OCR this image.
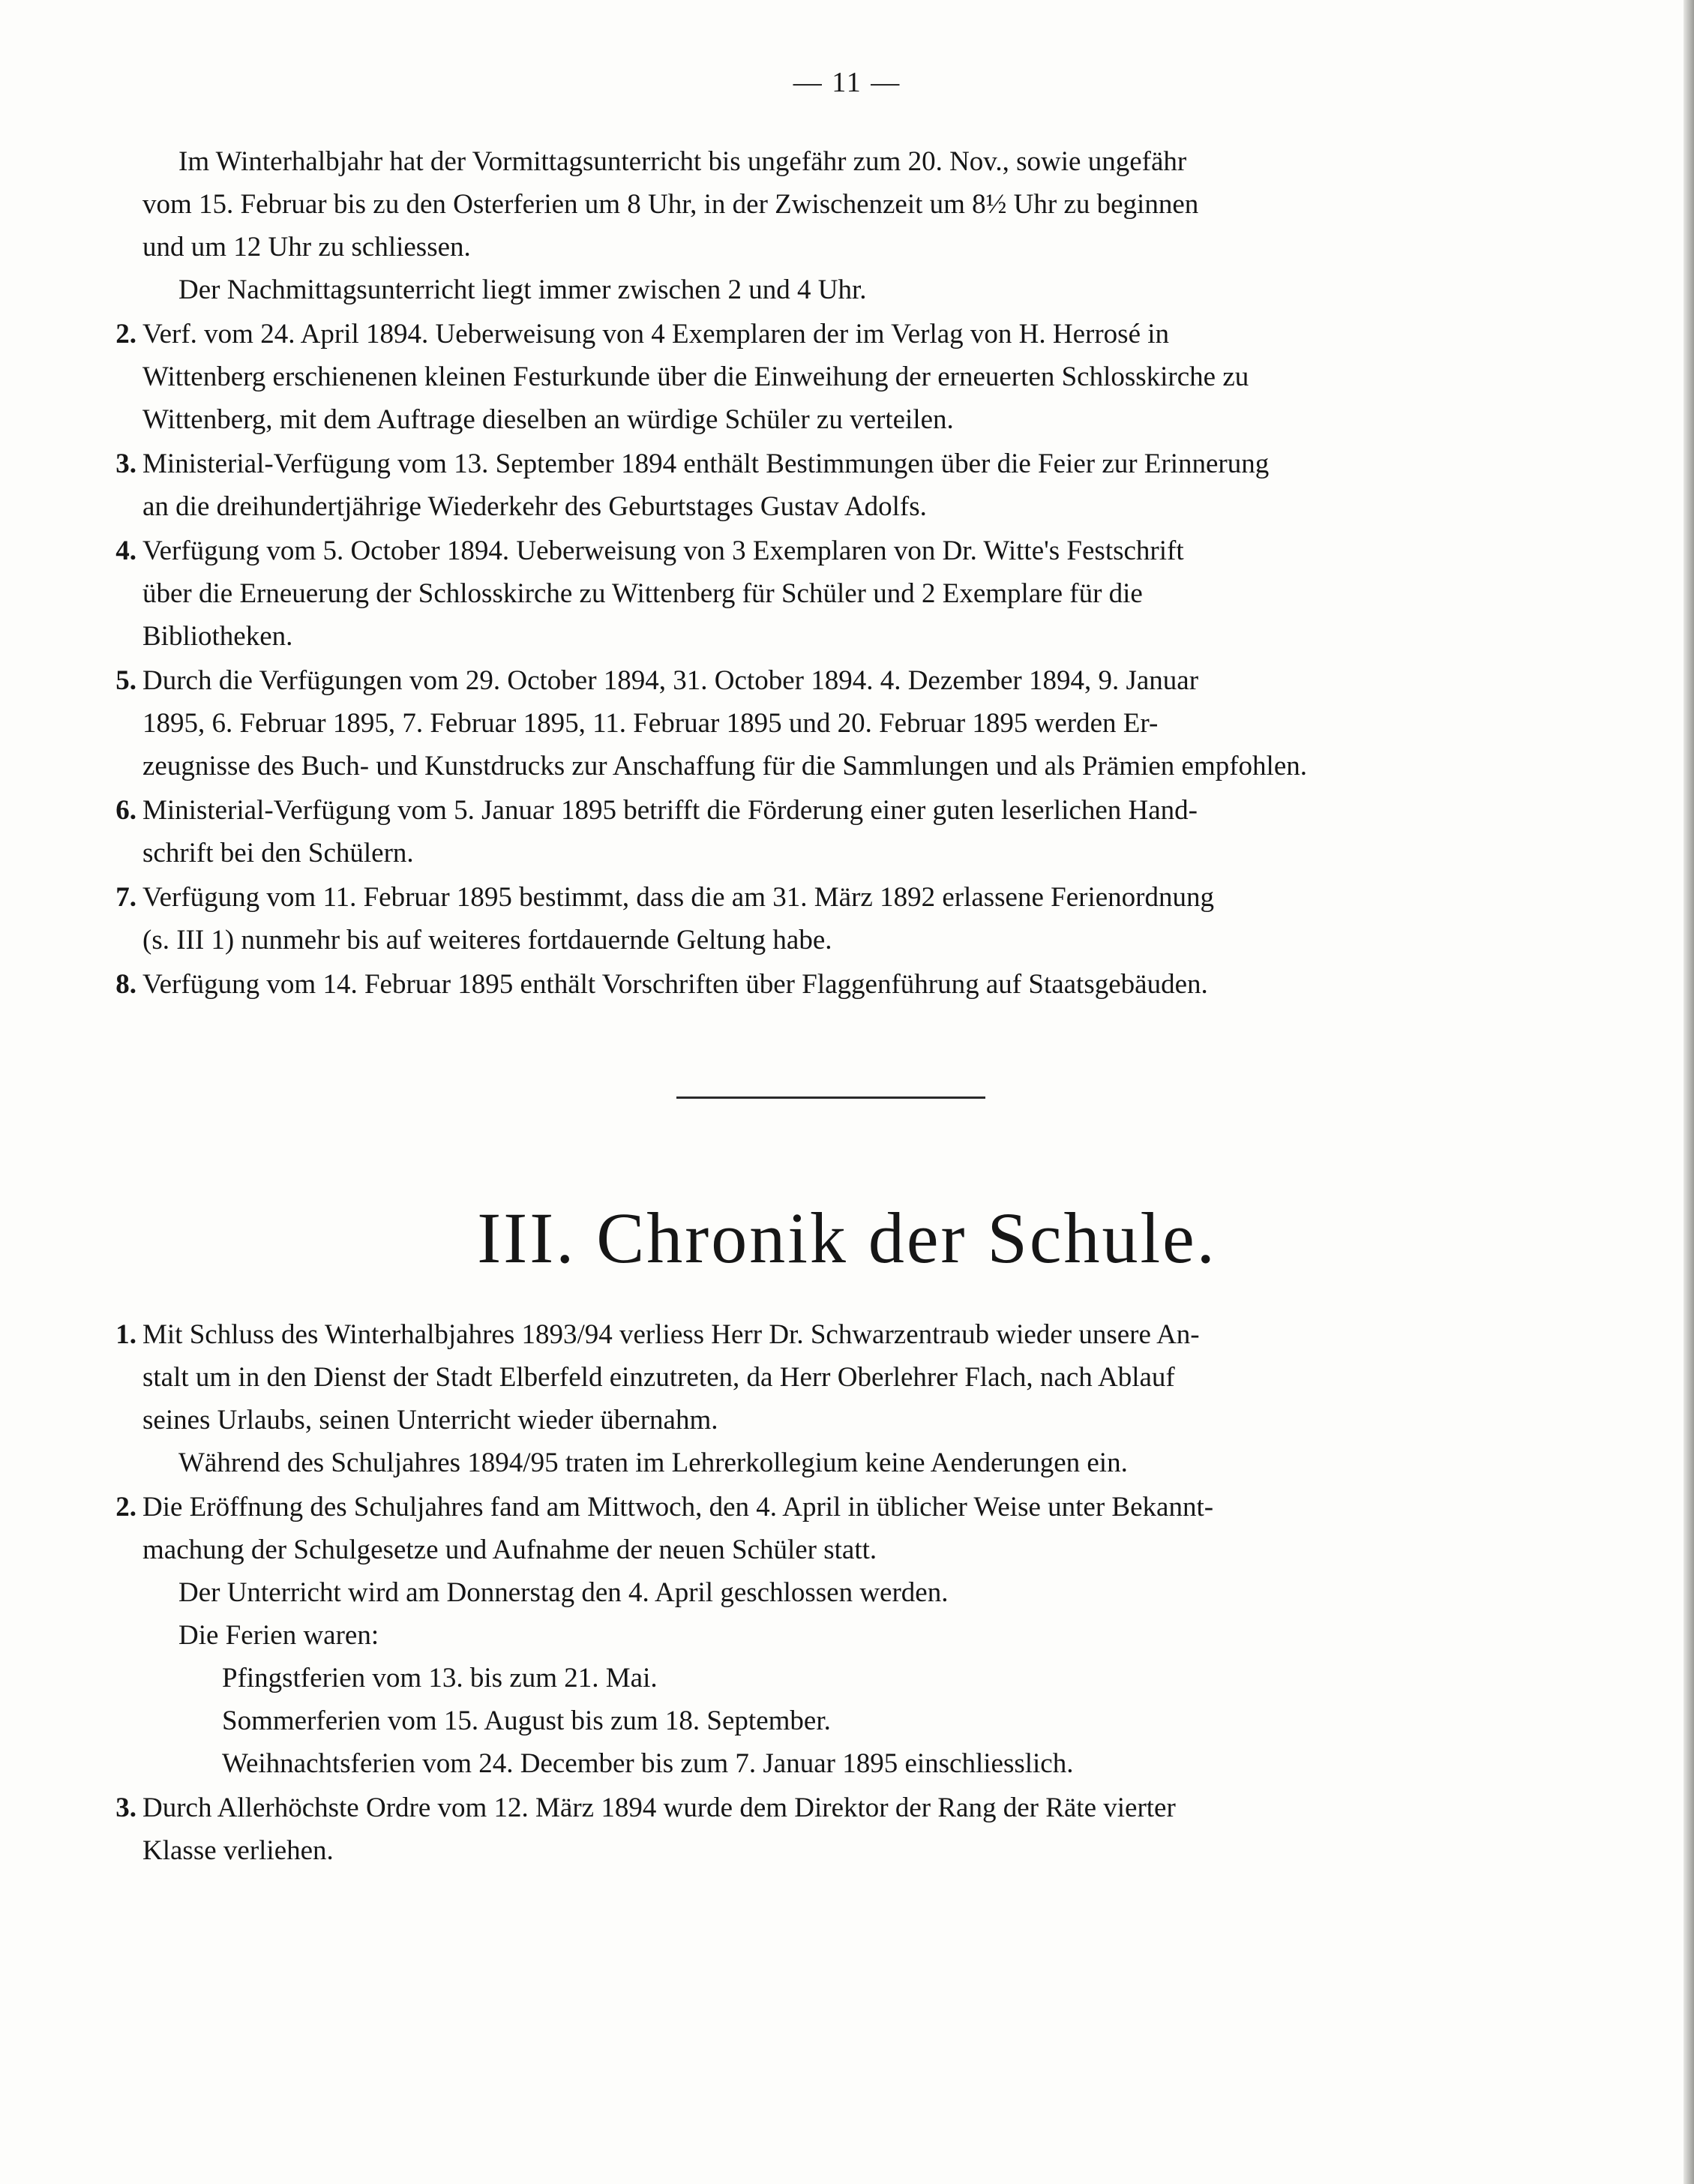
— 11 —

Im Winterhalbjahr hat der Vormittagsunterricht bis ungefähr zum 20. Nov., sowie ungefähr

vom 15. Februar bis zu den Osterferien um 8 Uhr, in der Zwischenzeit um 8½ Uhr zu beginnen

und um 12 Uhr zu schliessen.

Der Nachmittagsunterricht liegt immer zwischen 2 und 4 Uhr.

2. Verf. vom 24. April 1894. Ueberweisung von 4 Exemplaren der im Verlag von H. Herrosé in

Wittenberg erschienenen kleinen Festurkunde über die Einweihung der erneuerten Schlosskirche zu

Wittenberg, mit dem Auftrage dieselben an würdige Schüler zu verteilen.

3. Ministerial-Verfügung vom 13. September 1894 enthält Bestimmungen über die Feier zur Erinnerung

an die dreihundertjährige Wiederkehr des Geburtstages Gustav Adolfs.

4. Verfügung vom 5. October 1894. Ueberweisung von 3 Exemplaren von Dr. Witte's Festschrift

über die Erneuerung der Schlosskirche zu Wittenberg für Schüler und 2 Exemplare für die

Bibliotheken.

5. Durch die Verfügungen vom 29. October 1894, 31. October 1894. 4. Dezember 1894, 9. Januar

1895, 6. Februar 1895, 7. Februar 1895, 11. Februar 1895 und 20. Februar 1895 werden Er-

zeugnisse des Buch- und Kunstdrucks zur Anschaffung für die Sammlungen und als Prämien empfohlen.

6. Ministerial-Verfügung vom 5. Januar 1895 betrifft die Förderung einer guten leserlichen Hand-

schrift bei den Schülern.

7. Verfügung vom 11. Februar 1895 bestimmt, dass die am 31. März 1892 erlassene Ferienordnung

(s. III 1) nunmehr bis auf weiteres fortdauernde Geltung habe.

8. Verfügung vom 14. Februar 1895 enthält Vorschriften über Flaggenführung auf Staatsgebäuden.

III. Chronik der Schule.
1. Mit Schluss des Winterhalbjahres 1893/94 verliess Herr Dr. Schwarzentraub wieder unsere An-

stalt um in den Dienst der Stadt Elberfeld einzutreten, da Herr Oberlehrer Flach, nach Ablauf

seines Urlaubs, seinen Unterricht wieder übernahm.

Während des Schuljahres 1894/95 traten im Lehrerkollegium keine Aenderungen ein.

2. Die Eröffnung des Schuljahres fand am Mittwoch, den 4. April in üblicher Weise unter Bekannt-

machung der Schulgesetze und Aufnahme der neuen Schüler statt.

Der Unterricht wird am Donnerstag den 4. April geschlossen werden.

Die Ferien waren:

Pfingstferien vom 13. bis zum 21. Mai.

Sommerferien vom 15. August bis zum 18. September.

Weihnachtsferien vom 24. December bis zum 7. Januar 1895 einschliesslich.

3. Durch Allerhöchste Ordre vom 12. März 1894 wurde dem Direktor der Rang der Räte vierter

Klasse verliehen.
